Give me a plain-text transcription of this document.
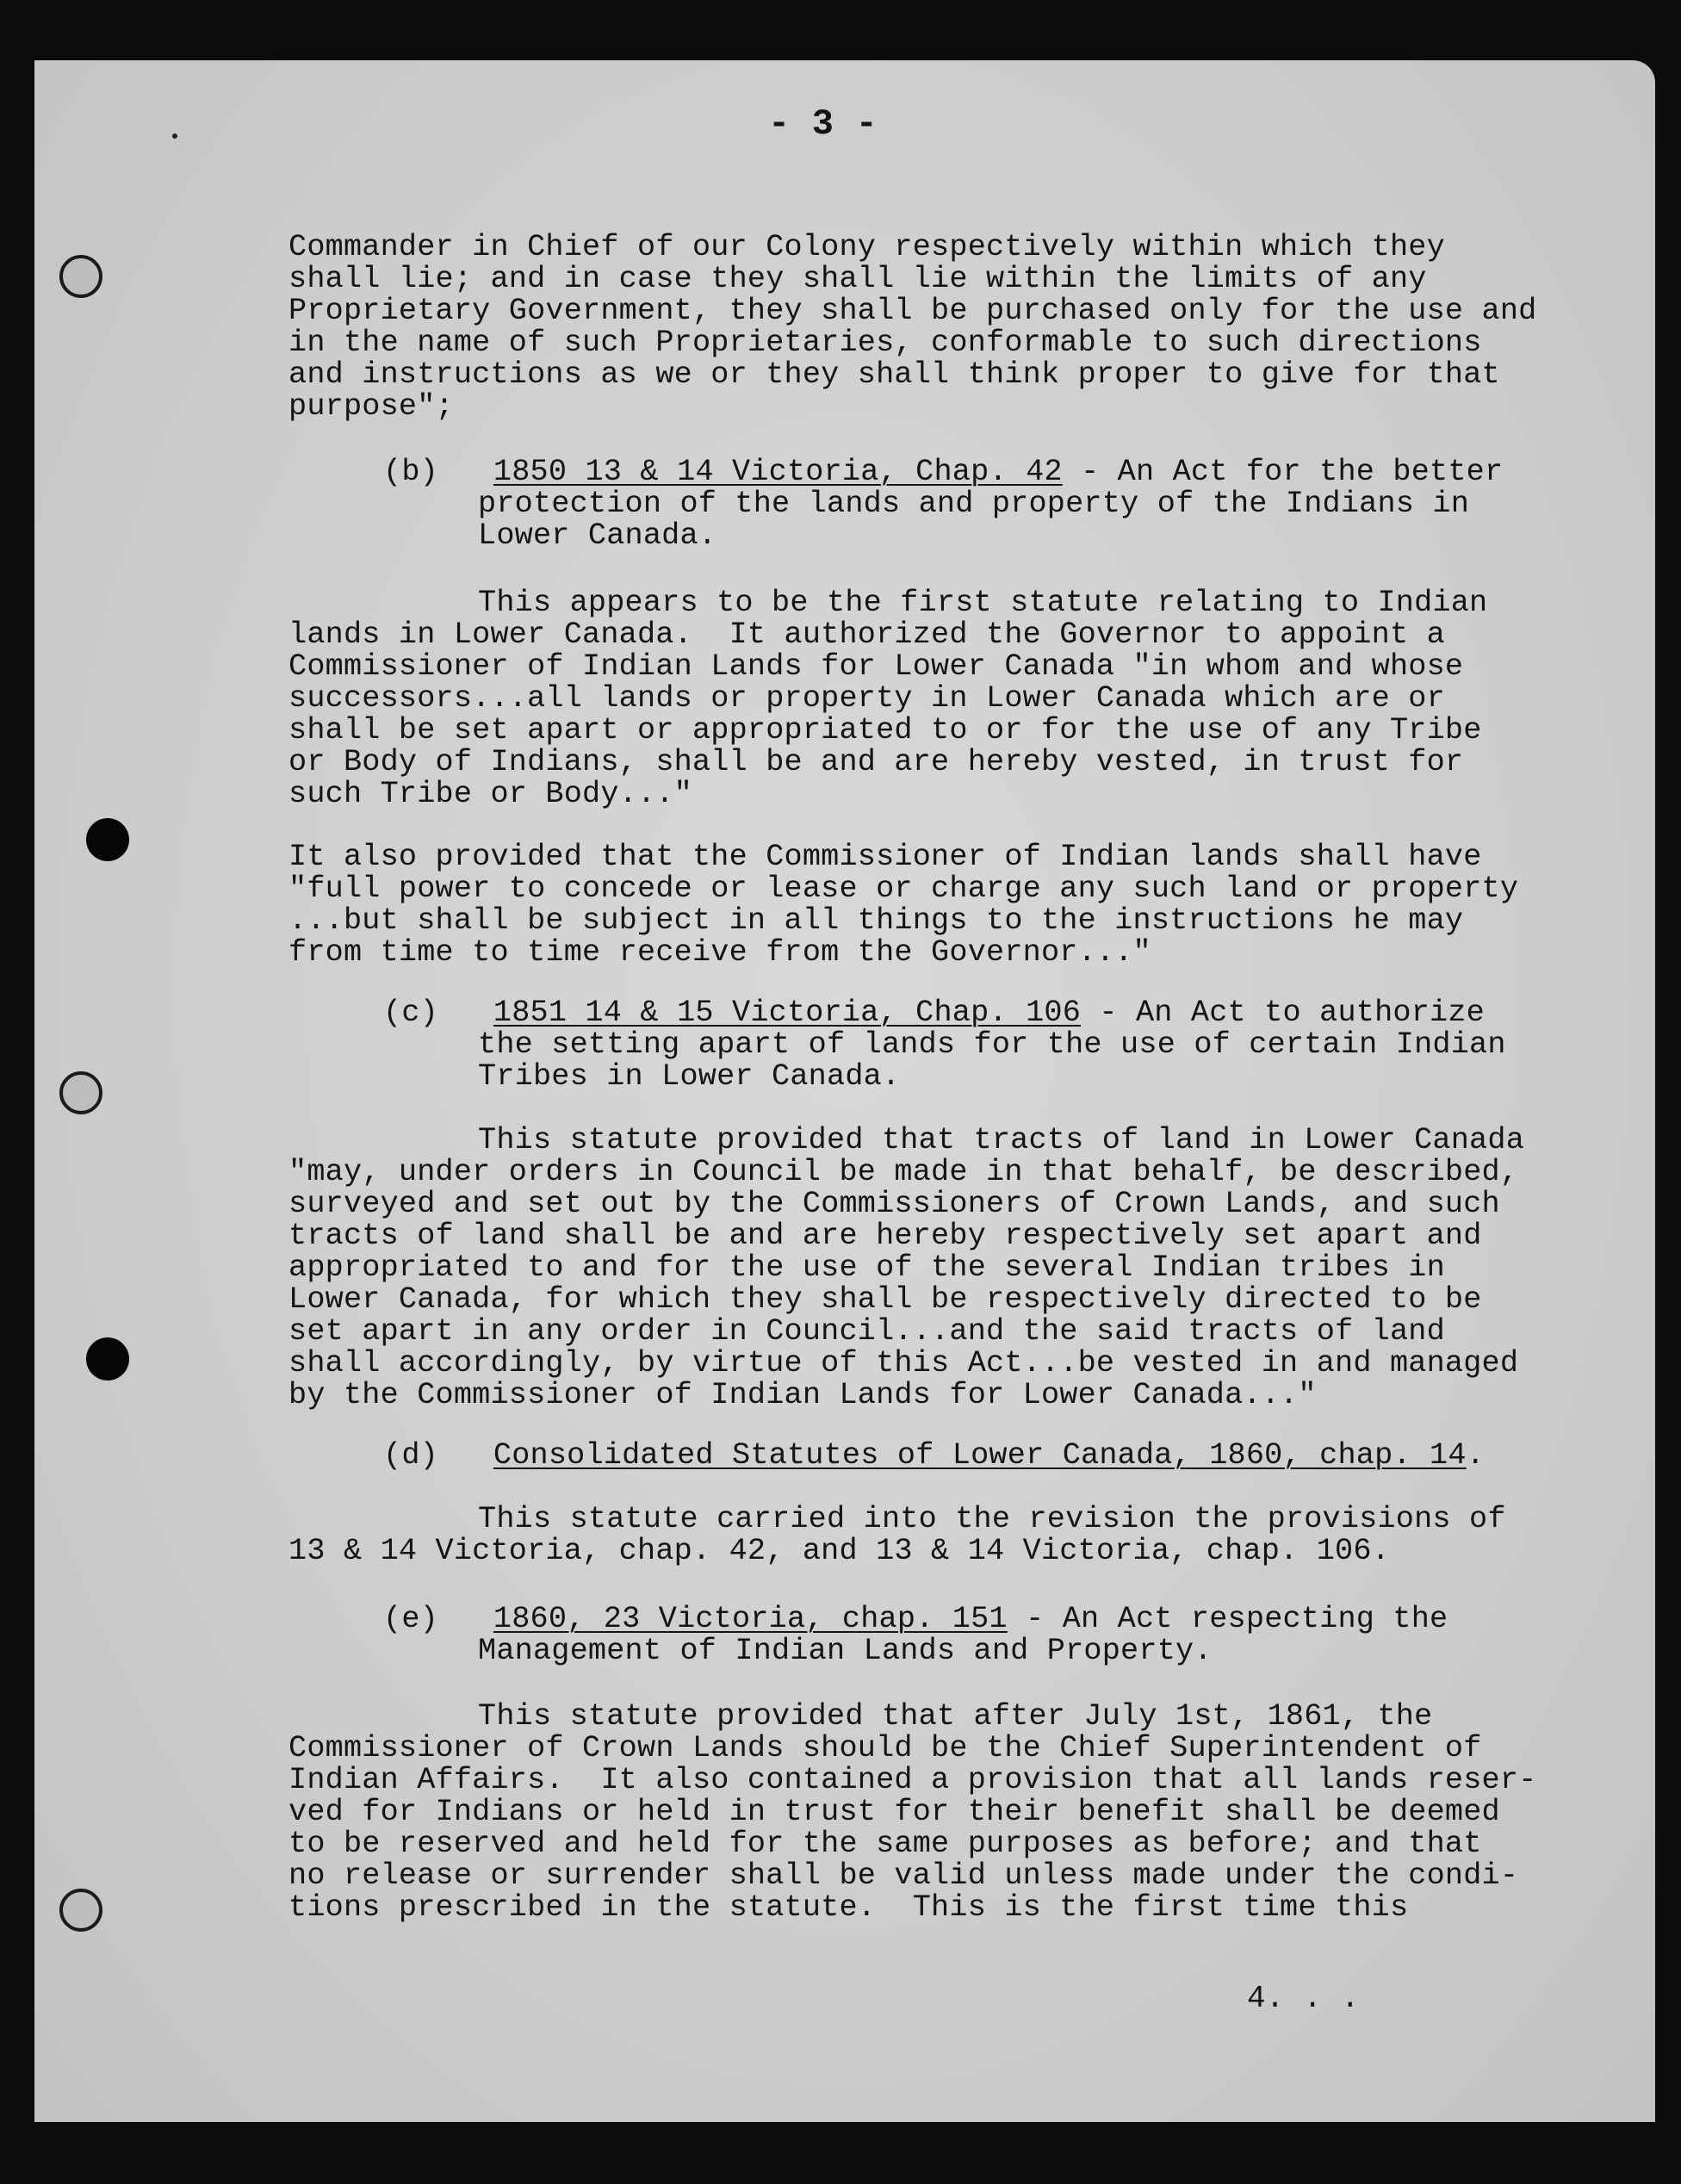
- 3 -
Commander in Chief of our Colony respectively within which they
shall lie; and in case they shall lie within the limits of any
Proprietary Government, they shall be purchased only for the use and
in the name of such Proprietaries, conformable to such directions
and instructions as we or they shall think proper to give for that
purpose";
(b) 1850 13 & 14 Victoria, Chap. 42 - An Act for the better
protection of the lands and property of the Indians in
Lower Canada.
This appears to be the first statute relating to Indian
lands in Lower Canada.  It authorized the Governor to appoint a
Commissioner of Indian Lands for Lower Canada "in whom and whose
successors...all lands or property in Lower Canada which are or
shall be set apart or appropriated to or for the use of any Tribe
or Body of Indians, shall be and are hereby vested, in trust for
such Tribe or Body..."
It also provided that the Commissioner of Indian lands shall have
"full power to concede or lease or charge any such land or property
...but shall be subject in all things to the instructions he may
from time to time receive from the Governor..."
(c) 1851 14 & 15 Victoria, Chap. 106 - An Act to authorize
the setting apart of lands for the use of certain Indian
Tribes in Lower Canada.
This statute provided that tracts of land in Lower Canada
"may, under orders in Council be made in that behalf, be described,
surveyed and set out by the Commissioners of Crown Lands, and such
tracts of land shall be and are hereby respectively set apart and
appropriated to and for the use of the several Indian tribes in
Lower Canada, for which they shall be respectively directed to be
set apart in any order in Council...and the said tracts of land
shall accordingly, by virtue of this Act...be vested in and managed
by the Commissioner of Indian Lands for Lower Canada..."
(d) Consolidated Statutes of Lower Canada, 1860, chap. 14.
This statute carried into the revision the provisions of
13 & 14 Victoria, chap. 42, and 13 & 14 Victoria, chap. 106.
(e) 1860, 23 Victoria, chap. 151 - An Act respecting the
Management of Indian Lands and Property.
This statute provided that after July 1st, 1861, the
Commissioner of Crown Lands should be the Chief Superintendent of
Indian Affairs.  It also contained a provision that all lands reser-
ved for Indians or held in trust for their benefit shall be deemed
to be reserved and held for the same purposes as before; and that
no release or surrender shall be valid unless made under the condi-
tions prescribed in the statute.  This is the first time this
4. . .
